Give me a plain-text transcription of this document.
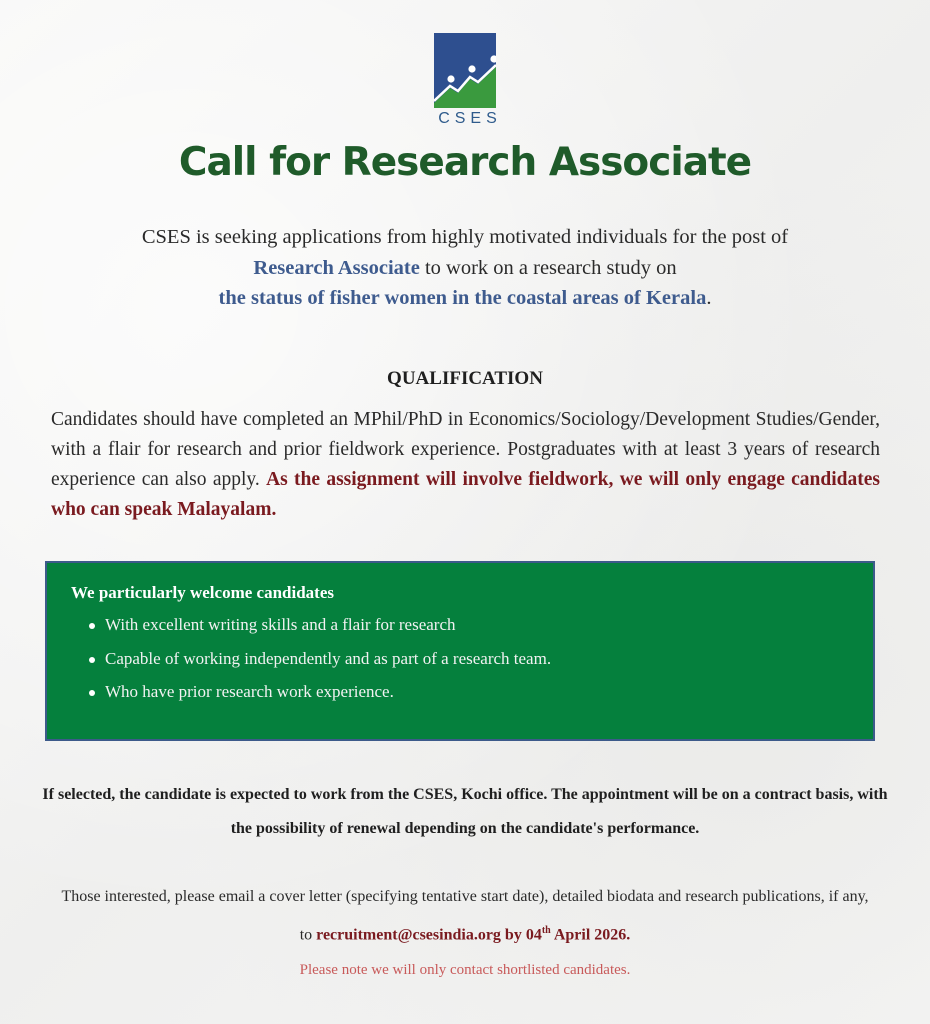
CSES
Call for Research Associate
CSES is seeking applications from highly motivated individuals for the post of
Research Associate to work on a research study on
the status of fisher women in the coastal areas of Kerala.
QUALIFICATION
Candidates should have completed an MPhil/PhD in Economics/Sociology/Development Studies/Gender, with a flair for research and prior fieldwork experience. Postgraduates with at least 3 years of research experience can also apply. As the assignment will involve fieldwork, we will only engage candidates who can speak Malayalam.
We particularly welcome candidates
With excellent writing skills and a flair for research
Capable of working independently and as part of a research team.
Who have prior research work experience.
If selected, the candidate is expected to work from the CSES, Kochi office. The appointment will be on a contract basis, with the possibility of renewal depending on the candidate's performance.
Those interested, please email a cover letter (specifying tentative start date), detailed biodata and research publications, if any, to recruitment@csesindia.org by 04th April 2026.
Please note we will only contact shortlisted candidates.
